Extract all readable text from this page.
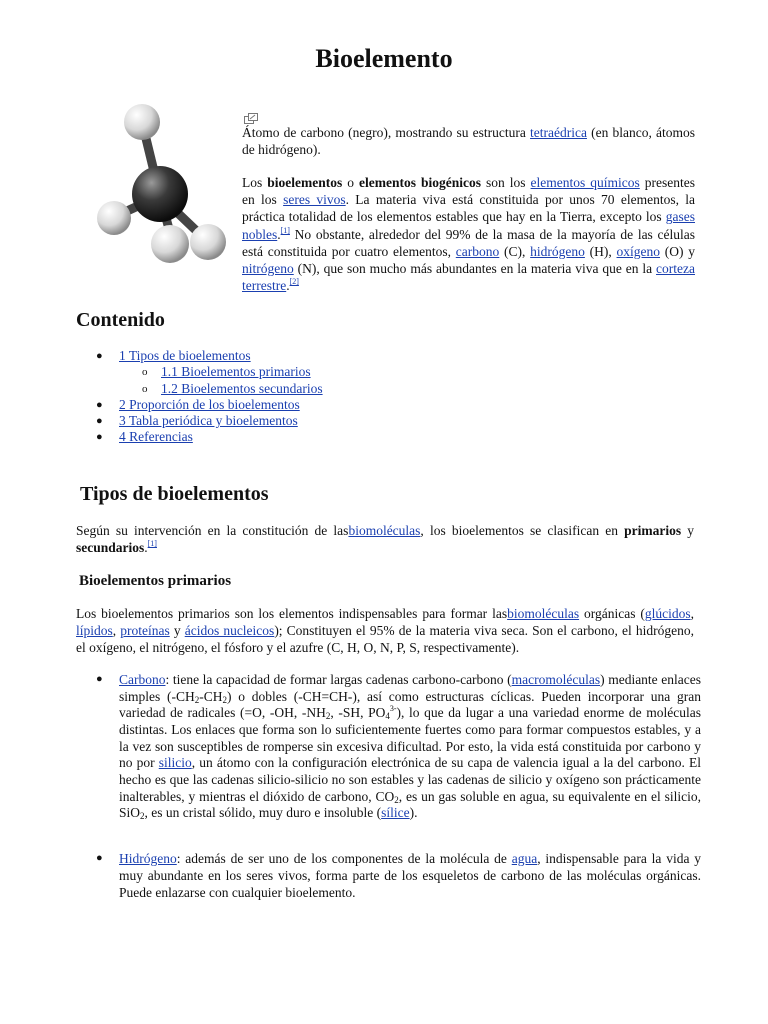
Bioelemento

Átomo de carbono (negro), mostrando su estructura tetraédrica (en blanco, átomos de hidrógeno).

Los bioelementos o elementos biogénicos son los elementos químicos presentes en los seres vivos. La materia viva está constituida por unos 70 elementos, la práctica totalidad de los elementos estables que hay en la Tierra, excepto los gases nobles.[1] No obstante, alrededor del 99% de la masa de la mayoría de las células está constituida por cuatro elementos, carbono (C), hidrógeno (H), oxígeno (O) y nitrógeno (N), que son mucho más abundantes en la materia viva que en la corteza terrestre.[2]

Contenido
● 1 Tipos de bioelementos
o 1.1 Bioelementos primarios
o 1.2 Bioelementos secundarios
● 2 Proporción de los bioelementos
● 3 Tabla periódica y bioelementos
● 4 Referencias
Tipos de bioelementos

Según su intervención en la constitución de lasbiomoléculas, los bioelementos se clasifican en primarios y secundarios.[1]

Bioelementos primarios

Los bioelementos primarios son los elementos indispensables para formar lasbiomoléculas orgánicas (glúcidos, lípidos, proteínas y ácidos nucleicos); Constituyen el 95% de la materia viva seca. Son el carbono, el hidrógeno, el oxígeno, el nitrógeno, el fósforo y el azufre (C, H, O, N, P, S, respectivamente).

● Carbono: tiene la capacidad de formar largas cadenas carbono-carbono (macromoléculas) mediante enlaces simples $(-CH_2-CH_2)$ o dobles (-CH=CH-), así como estructuras cíclicas. Pueden incorporar una gran variedad de radicales (=O, -OH, $-NH_2$, -SH, $PO_4^{3-}$), lo que da lugar a una variedad enorme de moléculas distintas. Los enlaces que forma son lo suficientemente fuertes como para formar compuestos estables, y a la vez son susceptibles de romperse sin excesiva dificultad. Por esto, la vida está constituida por carbono y no por silicio, un átomo con la configuración electrónica de su capa de valencia igual a la del carbono. El hecho es que las cadenas silicio-silicio no son estables y las cadenas de silicio y oxígeno son prácticamente inalterables, y mientras el dióxido de carbono, $CO_2$, es un gas soluble en agua, su equivalente en el silicio, SiO$_2$, es un cristal sólido, muy duro e insoluble (sílice).

● Hidrógeno: además de ser uno de los componentes de la molécula de agua, indispensable para la vida y muy abundante en los seres vivos, forma parte de los esqueletos de carbono de las moléculas orgánicas. Puede enlazarse con cualquier bioelemento.
